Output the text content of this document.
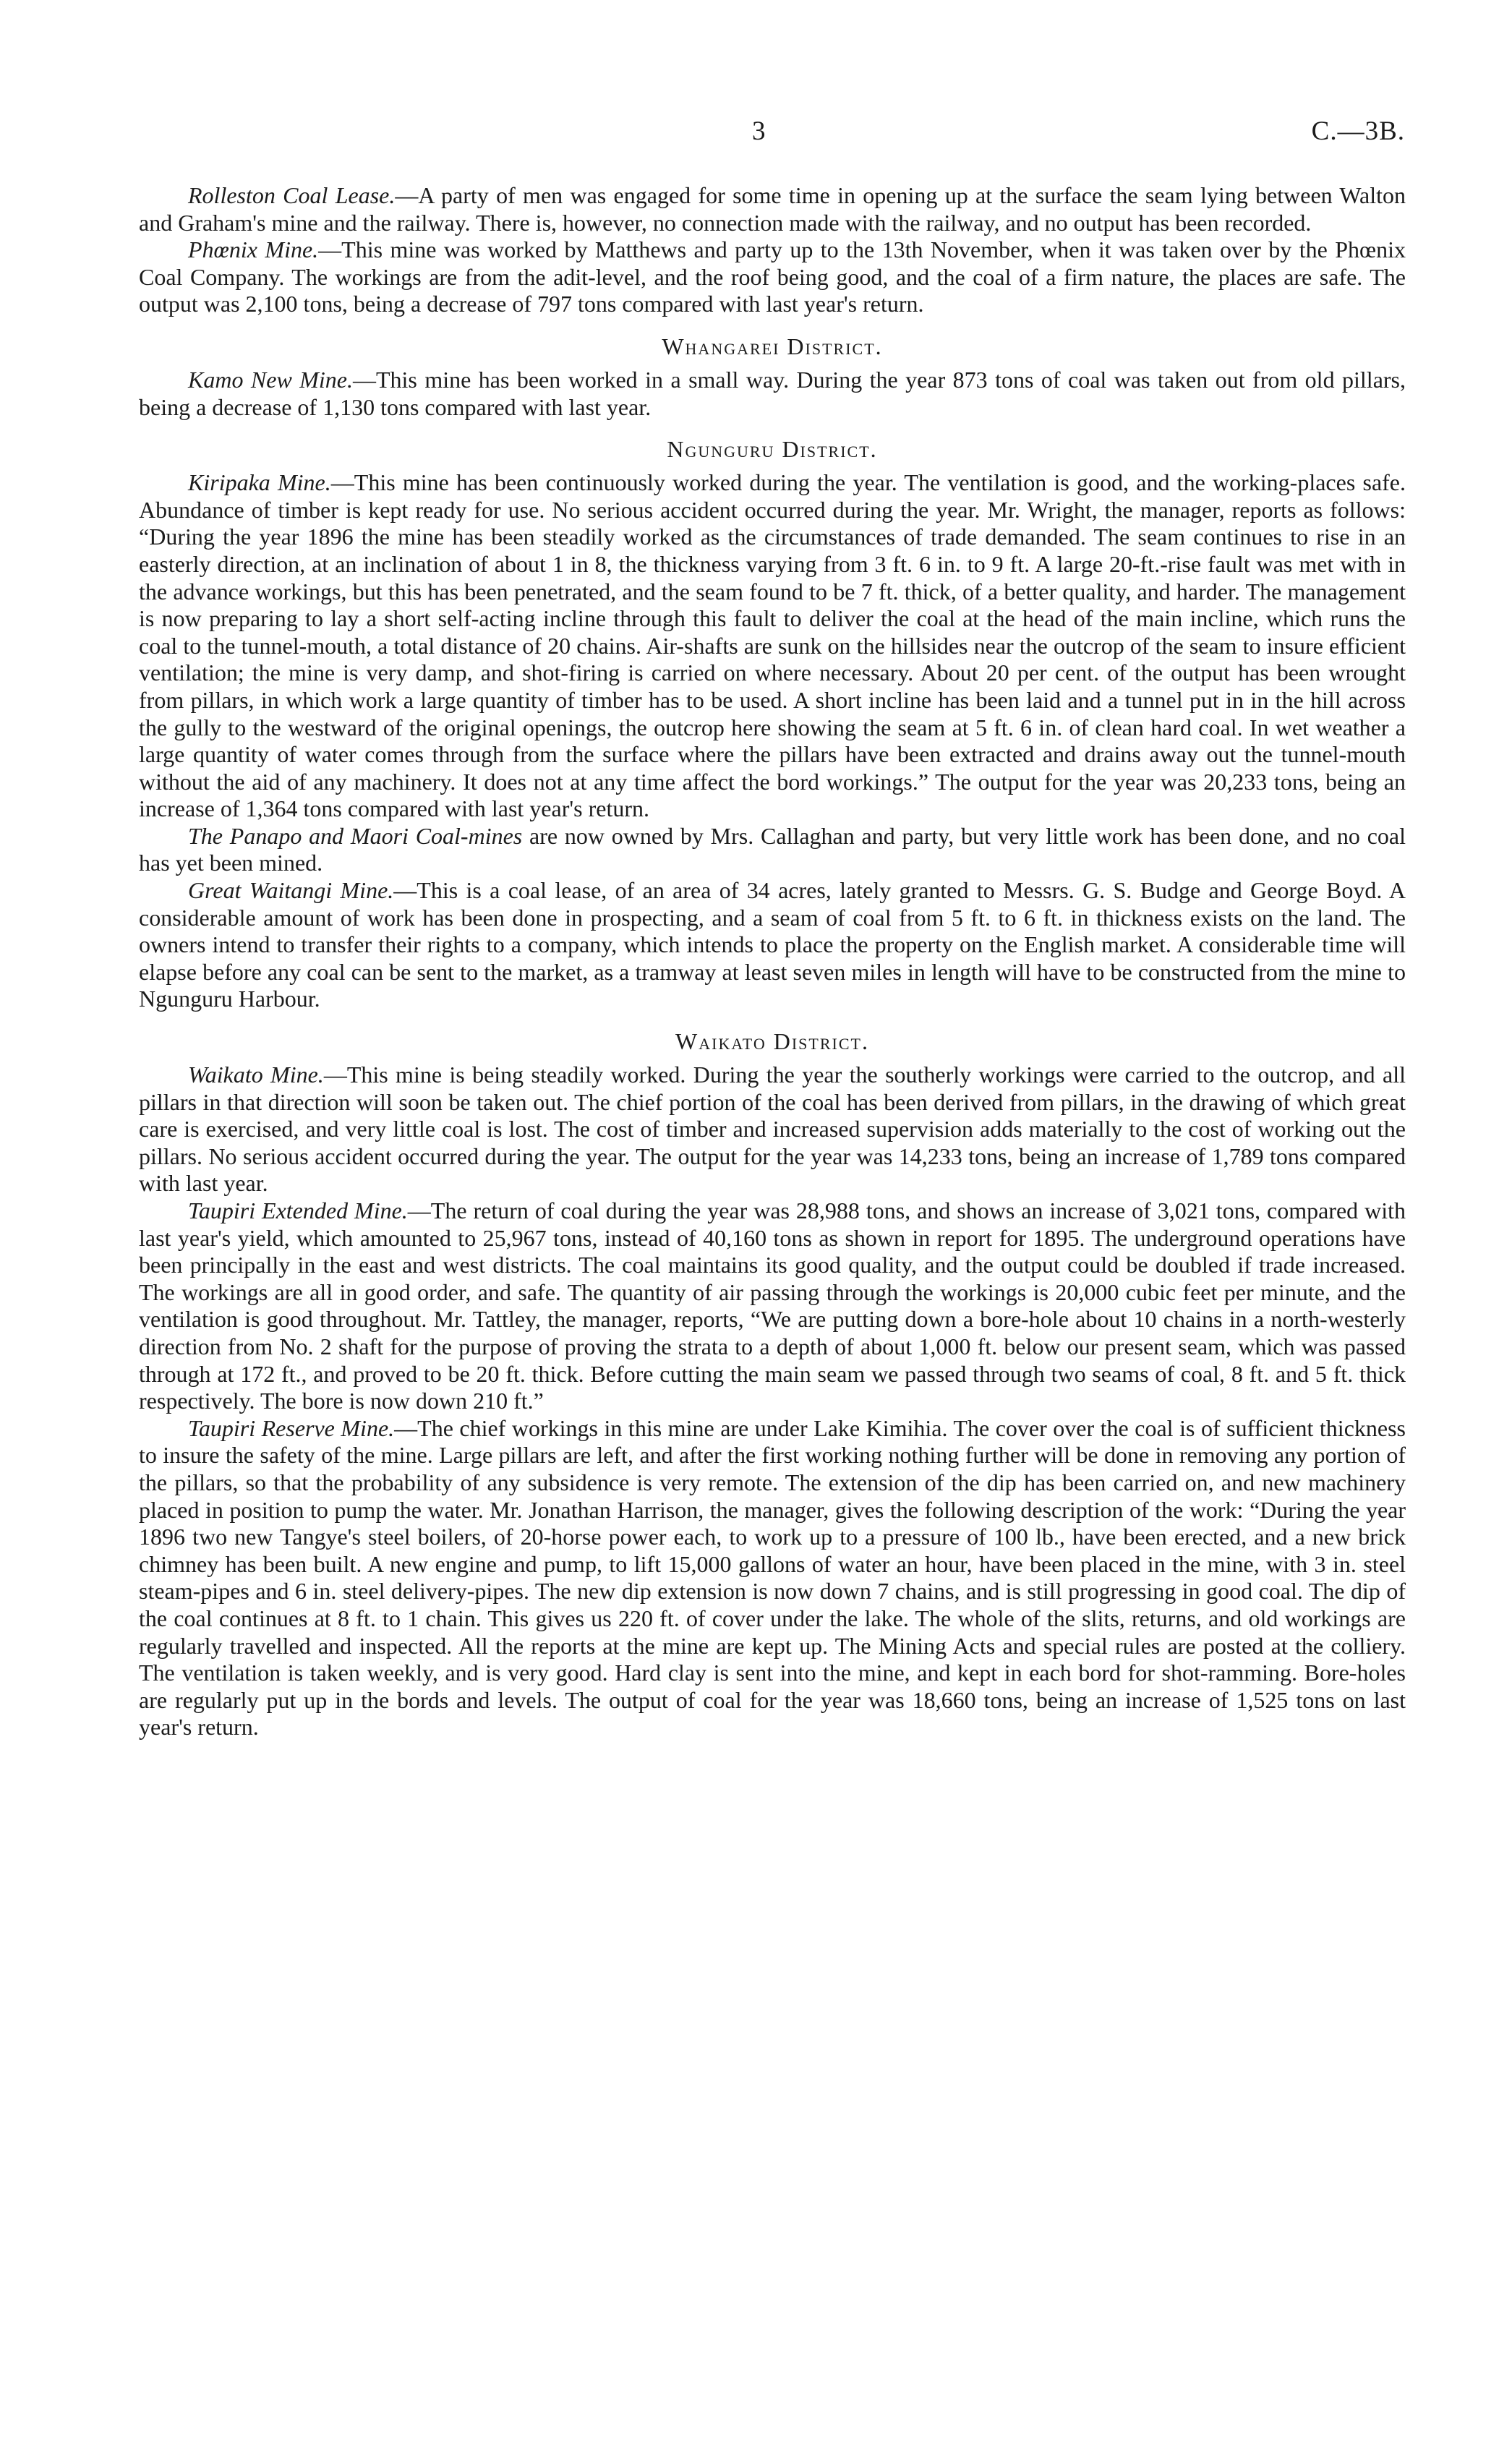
3	C.—3B.

Rolleston Coal Lease.—A party of men was engaged for some time in opening up at the surface the seam lying between Walton and Graham's mine and the railway. There is, however, no connection made with the railway, and no output has been recorded.

Phœnix Mine.—This mine was worked by Matthews and party up to the 13th November, when it was taken over by the Phœnix Coal Company. The workings are from the adit-level, and the roof being good, and the coal of a firm nature, the places are safe. The output was 2,100 tons, being a decrease of 797 tons compared with last year's return.

Whangarei District.

Kamo New Mine.—This mine has been worked in a small way. During the year 873 tons of coal was taken out from old pillars, being a decrease of 1,130 tons compared with last year.

Ngunguru District.

Kiripaka Mine.—This mine has been continuously worked during the year. The ventilation is good, and the working-places safe. Abundance of timber is kept ready for use. No serious accident occurred during the year. Mr. Wright, the manager, reports as follows: “During the year 1896 the mine has been steadily worked as the circumstances of trade demanded. The seam continues to rise in an easterly direction, at an inclination of about 1 in 8, the thickness varying from 3 ft. 6 in. to 9 ft. A large 20-ft.-rise fault was met with in the advance workings, but this has been penetrated, and the seam found to be 7 ft. thick, of a better quality, and harder. The management is now preparing to lay a short self-acting incline through this fault to deliver the coal at the head of the main incline, which runs the coal to the tunnel-mouth, a total distance of 20 chains. Air-shafts are sunk on the hillsides near the outcrop of the seam to insure efficient ventilation; the mine is very damp, and shot-firing is carried on where necessary. About 20 per cent. of the output has been wrought from pillars, in which work a large quantity of timber has to be used. A short incline has been laid and a tunnel put in in the hill across the gully to the westward of the original openings, the outcrop here showing the seam at 5 ft. 6 in. of clean hard coal. In wet weather a large quantity of water comes through from the surface where the pillars have been extracted and drains away out the tunnel-mouth without the aid of any machinery. It does not at any time affect the bord workings.” The output for the year was 20,233 tons, being an increase of 1,364 tons compared with last year's return.

The Panapo and Maori Coal-mines are now owned by Mrs. Callaghan and party, but very little work has been done, and no coal has yet been mined.

Great Waitangi Mine.—This is a coal lease, of an area of 34 acres, lately granted to Messrs. G. S. Budge and George Boyd. A considerable amount of work has been done in prospecting, and a seam of coal from 5 ft. to 6 ft. in thickness exists on the land. The owners intend to transfer their rights to a company, which intends to place the property on the English market. A considerable time will elapse before any coal can be sent to the market, as a tramway at least seven miles in length will have to be constructed from the mine to Ngunguru Harbour.

Waikato District.

Waikato Mine.—This mine is being steadily worked. During the year the southerly workings were carried to the outcrop, and all pillars in that direction will soon be taken out. The chief portion of the coal has been derived from pillars, in the drawing of which great care is exercised, and very little coal is lost. The cost of timber and increased supervision adds materially to the cost of working out the pillars. No serious accident occurred during the year. The output for the year was 14,233 tons, being an increase of 1,789 tons compared with last year.

Taupiri Extended Mine.—The return of coal during the year was 28,988 tons, and shows an increase of 3,021 tons, compared with last year's yield, which amounted to 25,967 tons, instead of 40,160 tons as shown in report for 1895. The underground operations have been principally in the east and west districts. The coal maintains its good quality, and the output could be doubled if trade increased. The workings are all in good order, and safe. The quantity of air passing through the workings is 20,000 cubic feet per minute, and the ventilation is good throughout. Mr. Tattley, the manager, reports, “We are putting down a bore-hole about 10 chains in a north-westerly direction from No. 2 shaft for the purpose of proving the strata to a depth of about 1,000 ft. below our present seam, which was passed through at 172 ft., and proved to be 20 ft. thick. Before cutting the main seam we passed through two seams of coal, 8 ft. and 5 ft. thick respectively. The bore is now down 210 ft.”

Taupiri Reserve Mine.—The chief workings in this mine are under Lake Kimihia. The cover over the coal is of sufficient thickness to insure the safety of the mine. Large pillars are left, and after the first working nothing further will be done in removing any portion of the pillars, so that the probability of any subsidence is very remote. The extension of the dip has been carried on, and new machinery placed in position to pump the water. Mr. Jonathan Harrison, the manager, gives the following description of the work: “During the year 1896 two new Tangye's steel boilers, of 20-horse power each, to work up to a pressure of 100 lb., have been erected, and a new brick chimney has been built. A new engine and pump, to lift 15,000 gallons of water an hour, have been placed in the mine, with 3 in. steel steam-pipes and 6 in. steel delivery-pipes. The new dip extension is now down 7 chains, and is still progressing in good coal. The dip of the coal continues at 8 ft. to 1 chain. This gives us 220 ft. of cover under the lake. The whole of the slits, returns, and old workings are regularly travelled and inspected. All the reports at the mine are kept up. The Mining Acts and special rules are posted at the colliery. The ventilation is taken weekly, and is very good. Hard clay is sent into the mine, and kept in each bord for shot-ramming. Bore-holes are regularly put up in the bords and levels. The output of coal for the year was 18,660 tons, being an increase of 1,525 tons on last year's return.
